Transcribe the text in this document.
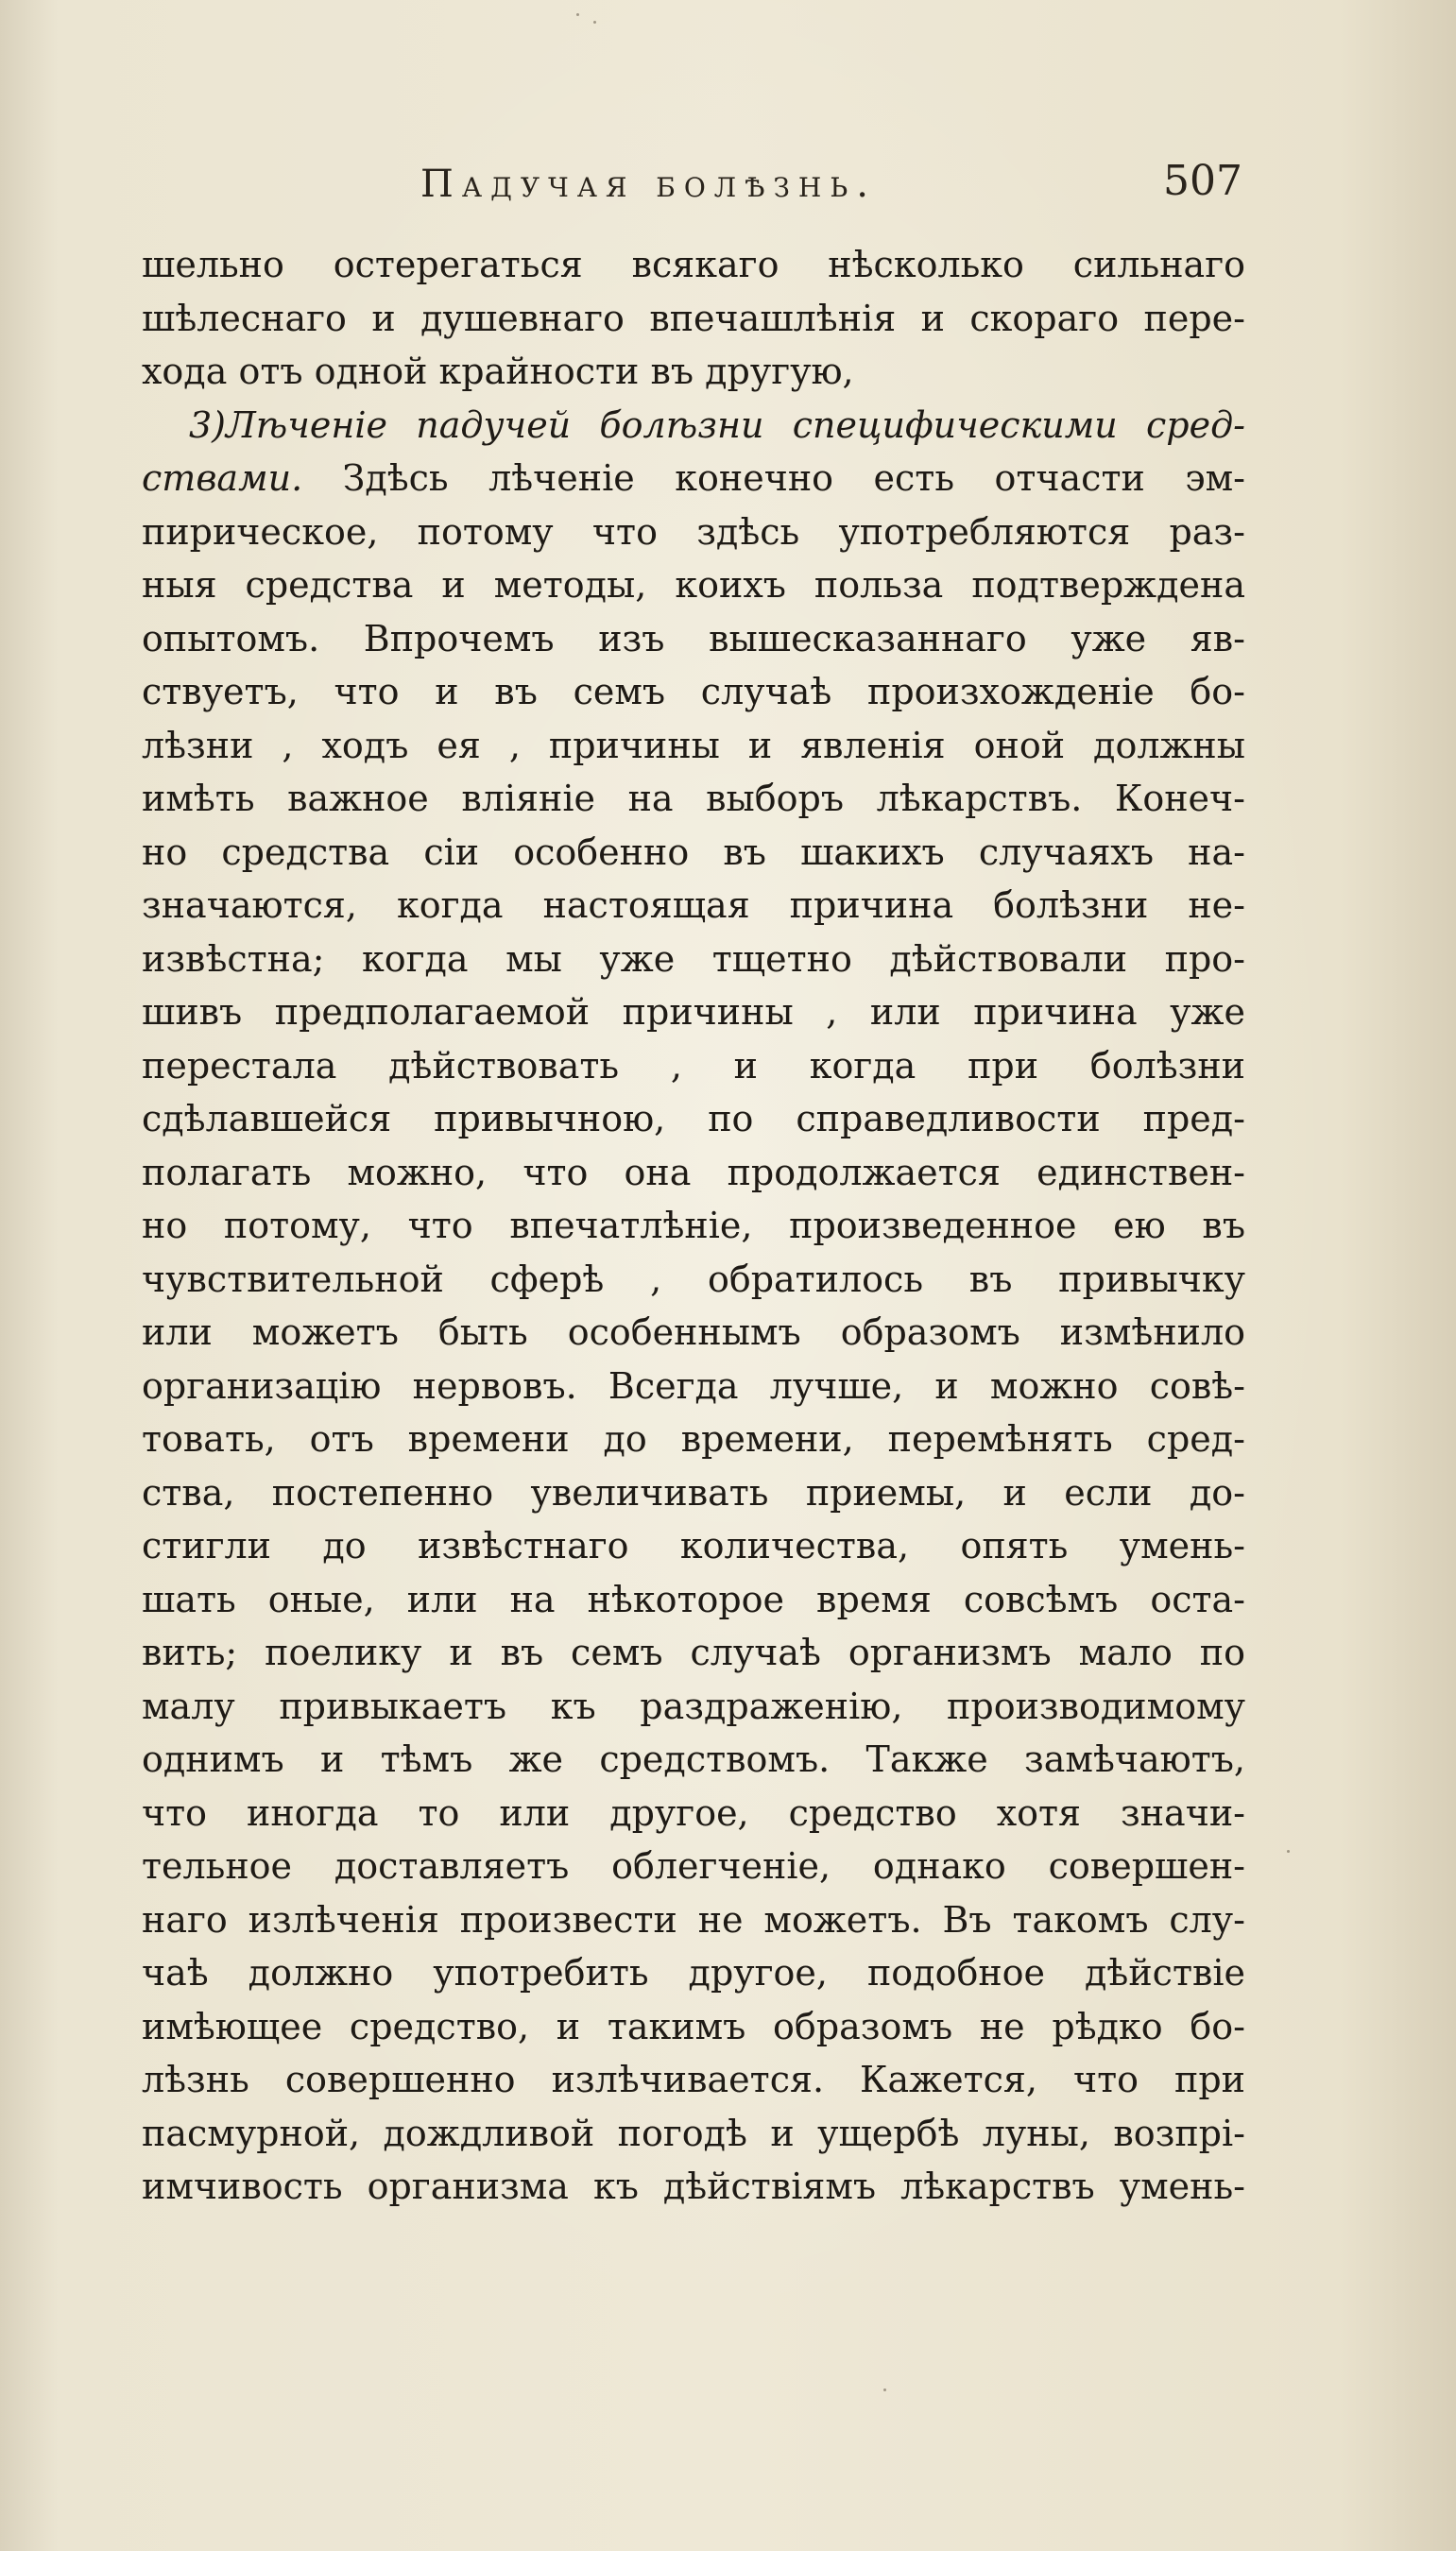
Падучая болѣзнь.	507
шельно остерегаться всякаго нѣсколько сильнаго
шѣлеснаго и душевнаго впечашлѣнія и скораго пере-
хода отъ одной крайности въ другую,
3)Лѣченіе падучей болѣзни специфическими сред-
ствами. Здѣсь лѣченіе конечно есть отчасти эм-
пирическое, потому что здѣсь употребляются раз-
ныя средства и методы, коихъ польза подтверждена
опытомъ. Впрочемъ изъ вышесказаннаго уже яв-
ствуетъ, что и въ семъ случаѣ произхожденіе бо-
лѣзни , ходъ ея , причины и явленія оной должны
имѣть важное вліяніе на выборъ лѣкарствъ. Конеч-
но средства сіи особенно въ шакихъ случаяхъ на-
значаются, когда настоящая причина болѣзни не-
извѣстна; когда мы уже тщетно дѣйствовали про-
шивъ предполагаемой причины , или причина уже
перестала дѣйствовать , и когда при болѣзни
сдѣлавшейся привычною, по справедливости пред-
полагать можно, что она продолжается единствен-
но потому, что впечатлѣніе, произведенное ею въ
чувствительной сферѣ , обратилось въ привычку
или можетъ быть особеннымъ образомъ измѣнило
организацію нервовъ. Всегда лучше, и можно совѣ-
товать, отъ времени до времени, перемѣнять сред-
ства, постепенно увеличивать приемы, и если до-
стигли до извѣстнаго количества, опять умень-
шать оные, или на нѣкоторое время совсѣмъ оста-
вить; поелику и въ семъ случаѣ организмъ мало по
малу привыкаетъ къ раздраженію, производимому
однимъ и тѣмъ же средствомъ. Также замѣчаютъ,
что иногда то или другое, средство хотя значи-
тельное доставляетъ облегченіе, однако совершен-
наго излѣченія произвести не можетъ. Въ такомъ слу-
чаѣ должно употребить другое, подобное дѣйствіе
имѣющее средство, и такимъ образомъ не рѣдко бо-
лѣзнь совершенно излѣчивается. Кажется, что при
пасмурной, дождливой погодѣ и ущербѣ луны, возпрі-
имчивость организма къ дѣйствіямъ лѣкарствъ умень-
